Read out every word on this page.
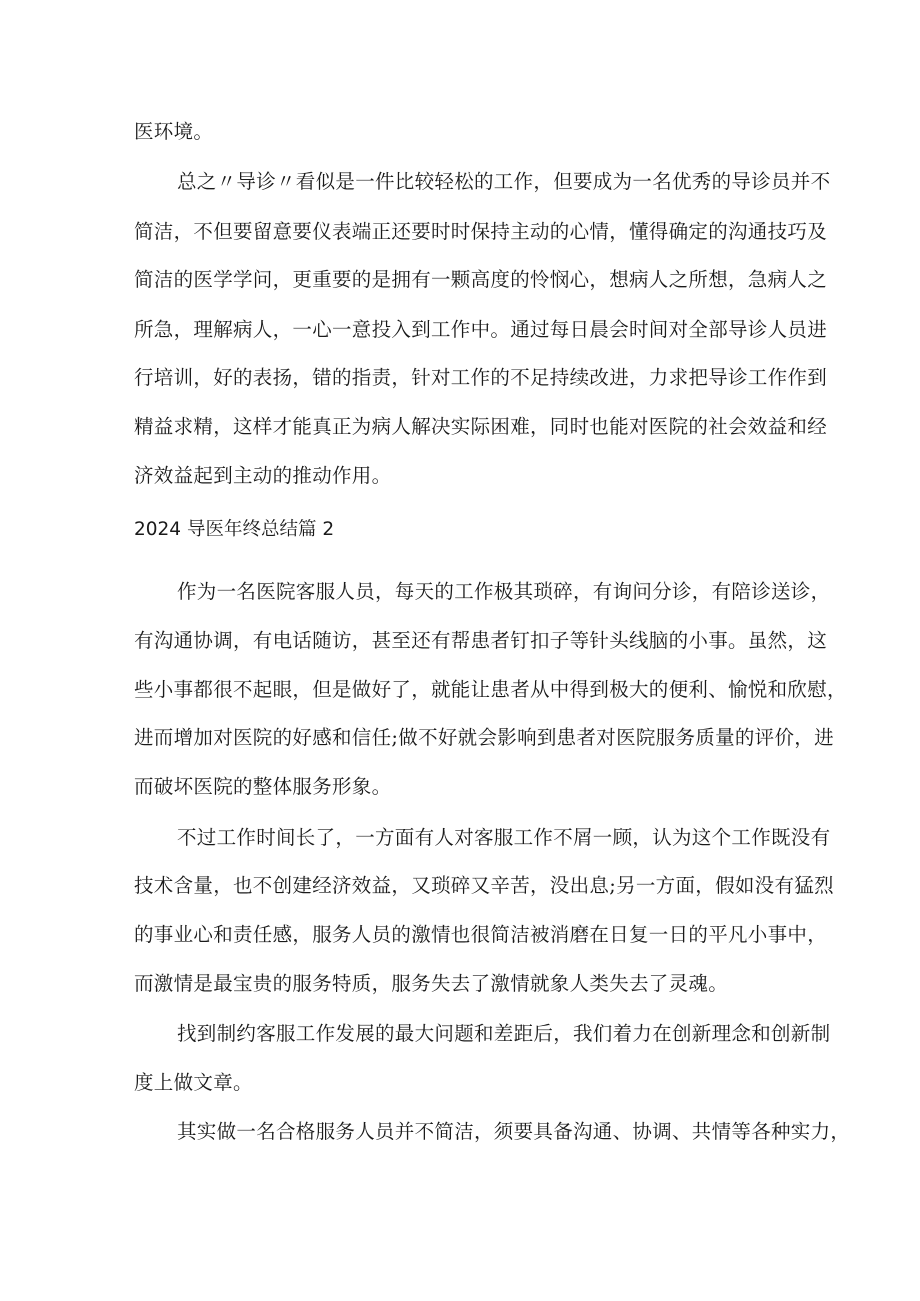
医环境。
总之〃导诊〃看似是一件比较轻松的工作，但要成为一名优秀的导诊员并不
简洁，不但要留意要仪表端正还要时时保持主动的心情，懂得确定的沟通技巧及
简洁的医学学问，更重要的是拥有一颗高度的怜悯心，想病人之所想，急病人之
所急，理解病人，一心一意投入到工作中。通过每日晨会时间对全部导诊人员进
行培训，好的表扬，错的指责，针对工作的不足持续改进，力求把导诊工作作到
精益求精，这样才能真正为病人解决实际困难，同时也能对医院的社会效益和经
济效益起到主动的推动作用。
2024 导医年终总结篇 2
作为一名医院客服人员，每天的工作极其琐碎，有询问分诊，有陪诊送诊，
有沟通协调，有电话随访，甚至还有帮患者钉扣子等针头线脑的小事。虽然，这
些小事都很不起眼，但是做好了，就能让患者从中得到极大的便利、愉悦和欣慰，
进而增加对医院的好感和信任;做不好就会影响到患者对医院服务质量的评价，进
而破坏医院的整体服务形象。
不过工作时间长了，一方面有人对客服工作不屑一顾，认为这个工作既没有
技术含量，也不创建经济效益，又琐碎又辛苦，没出息;另一方面，假如没有猛烈
的事业心和责任感，服务人员的激情也很简洁被消磨在日复一日的平凡小事中，
而激情是最宝贵的服务特质，服务失去了激情就象人类失去了灵魂。
找到制约客服工作发展的最大问题和差距后，我们着力在创新理念和创新制
度上做文章。
其实做一名合格服务人员并不简洁，须要具备沟通、协调、共情等各种实力，
